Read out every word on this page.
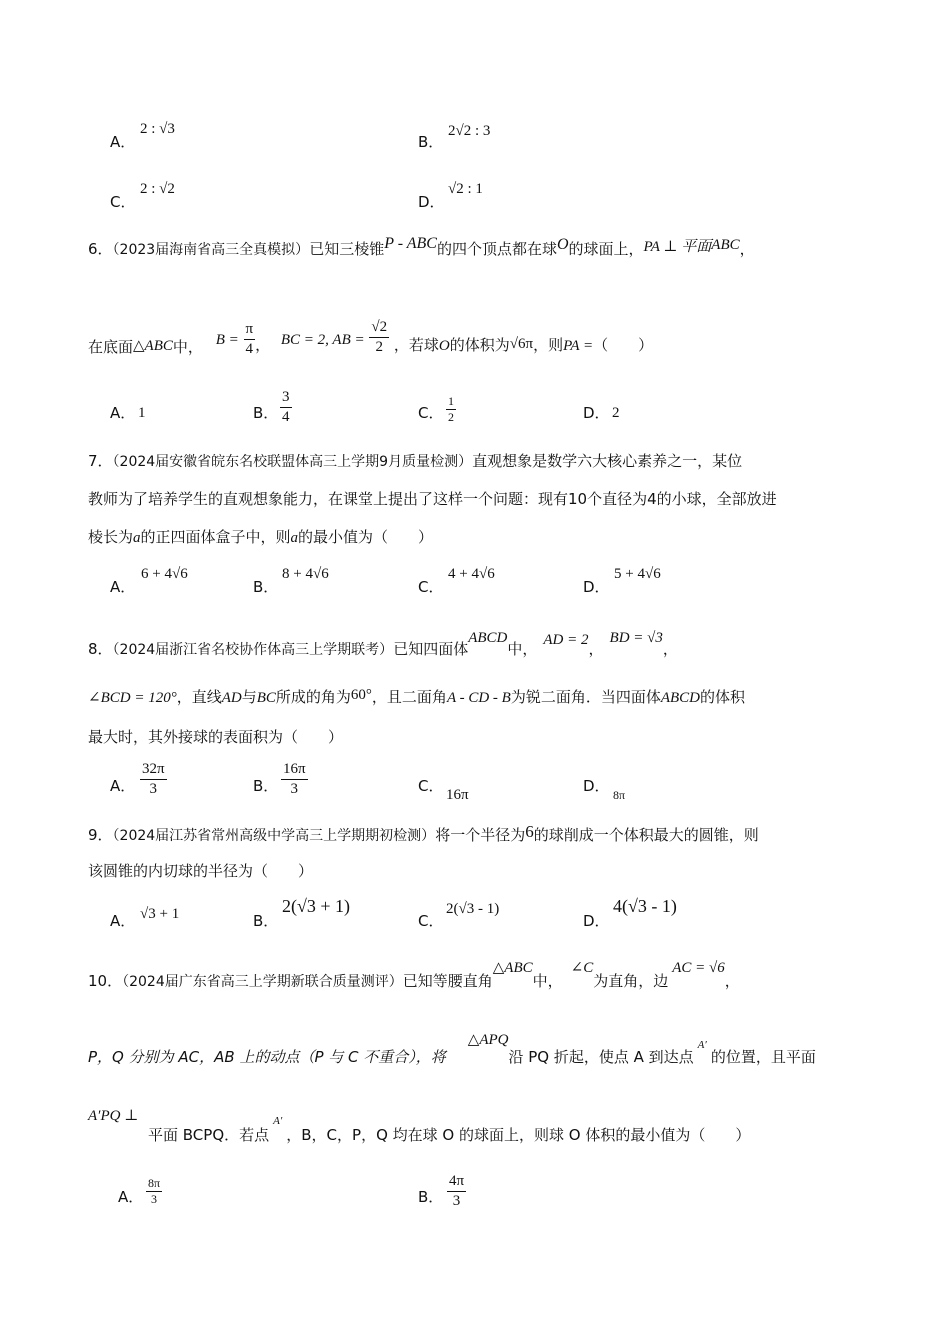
A．
2 : √3
B．
2√2 : 3
C．
2 : √2
D．
√2 : 1
6．（2023届海南省高三全真模拟）已知三棱锥P - ABC的四个顶点都在球O的球面上，PA ⊥ 平面ABC，
在底面△ABC中， $B = \frac{\pi}{4}$ ， BC = 2, AB = $\frac{√2}{2}$ ，若球O的体积为√6π，则PA =（　　）
A． 1	B． $\frac{3}{4}$	C． $\frac{1}{2}$	D． 2
7．（2024届安徽省皖东名校联盟体高三上学期9月质量检测）直观想象是数学六大核心素养之一，某位
教师为了培养学生的直观想象能力，在课堂上提出了这样一个问题：现有10个直径为4的小球，全部放进
棱长为a的正四面体盒子中，则a的最小值为（　　）
A．
6 + 4√6
B．
8 + 4√6
C．
4 + 4√6
D．
5 + 4√6
8．（2024届浙江省名校协作体高三上学期联考）已知四面体ABCD中， AD = 2，BD = √3，
∠BCD = 120°，直线AD与BC所成的角为60°，且二面角A - CD - B为锐二面角．当四面体ABCD的体积
最大时，其外接球的表面积为（　　）
A． $\frac{32\pi}{3}$	B． $\frac{16\pi}{3}$	C． 16π	D． 8π
9．（2024届江苏省常州高级中学高三上学期期初检测）将一个半径为6的球削成一个体积最大的圆锥，则
该圆锥的内切球的半径为（　　）
A． √3 + 1	B．
2(√3 + 1)
C．
2(√3 - 1)
D．
4(√3 - 1)
10．（2024届广东省高三上学期新联合质量测评）已知等腰直角△ABC中，∠C为直角，边AC = √6，
P，Q 分别为 AC，AB 上的动点（P 与 C 不重合），将△APQ沿 PQ 折起，使点 A 到达点$_{A'}$的位置，且平面
A′PQ ⊥
平面 BCPQ．若点A′，B，C，P，Q 均在球 O 的球面上，则球 O 体积的最小值为（　　）
A． $\frac{8\pi}{3}$	B． $\frac{4\pi}{3}$
